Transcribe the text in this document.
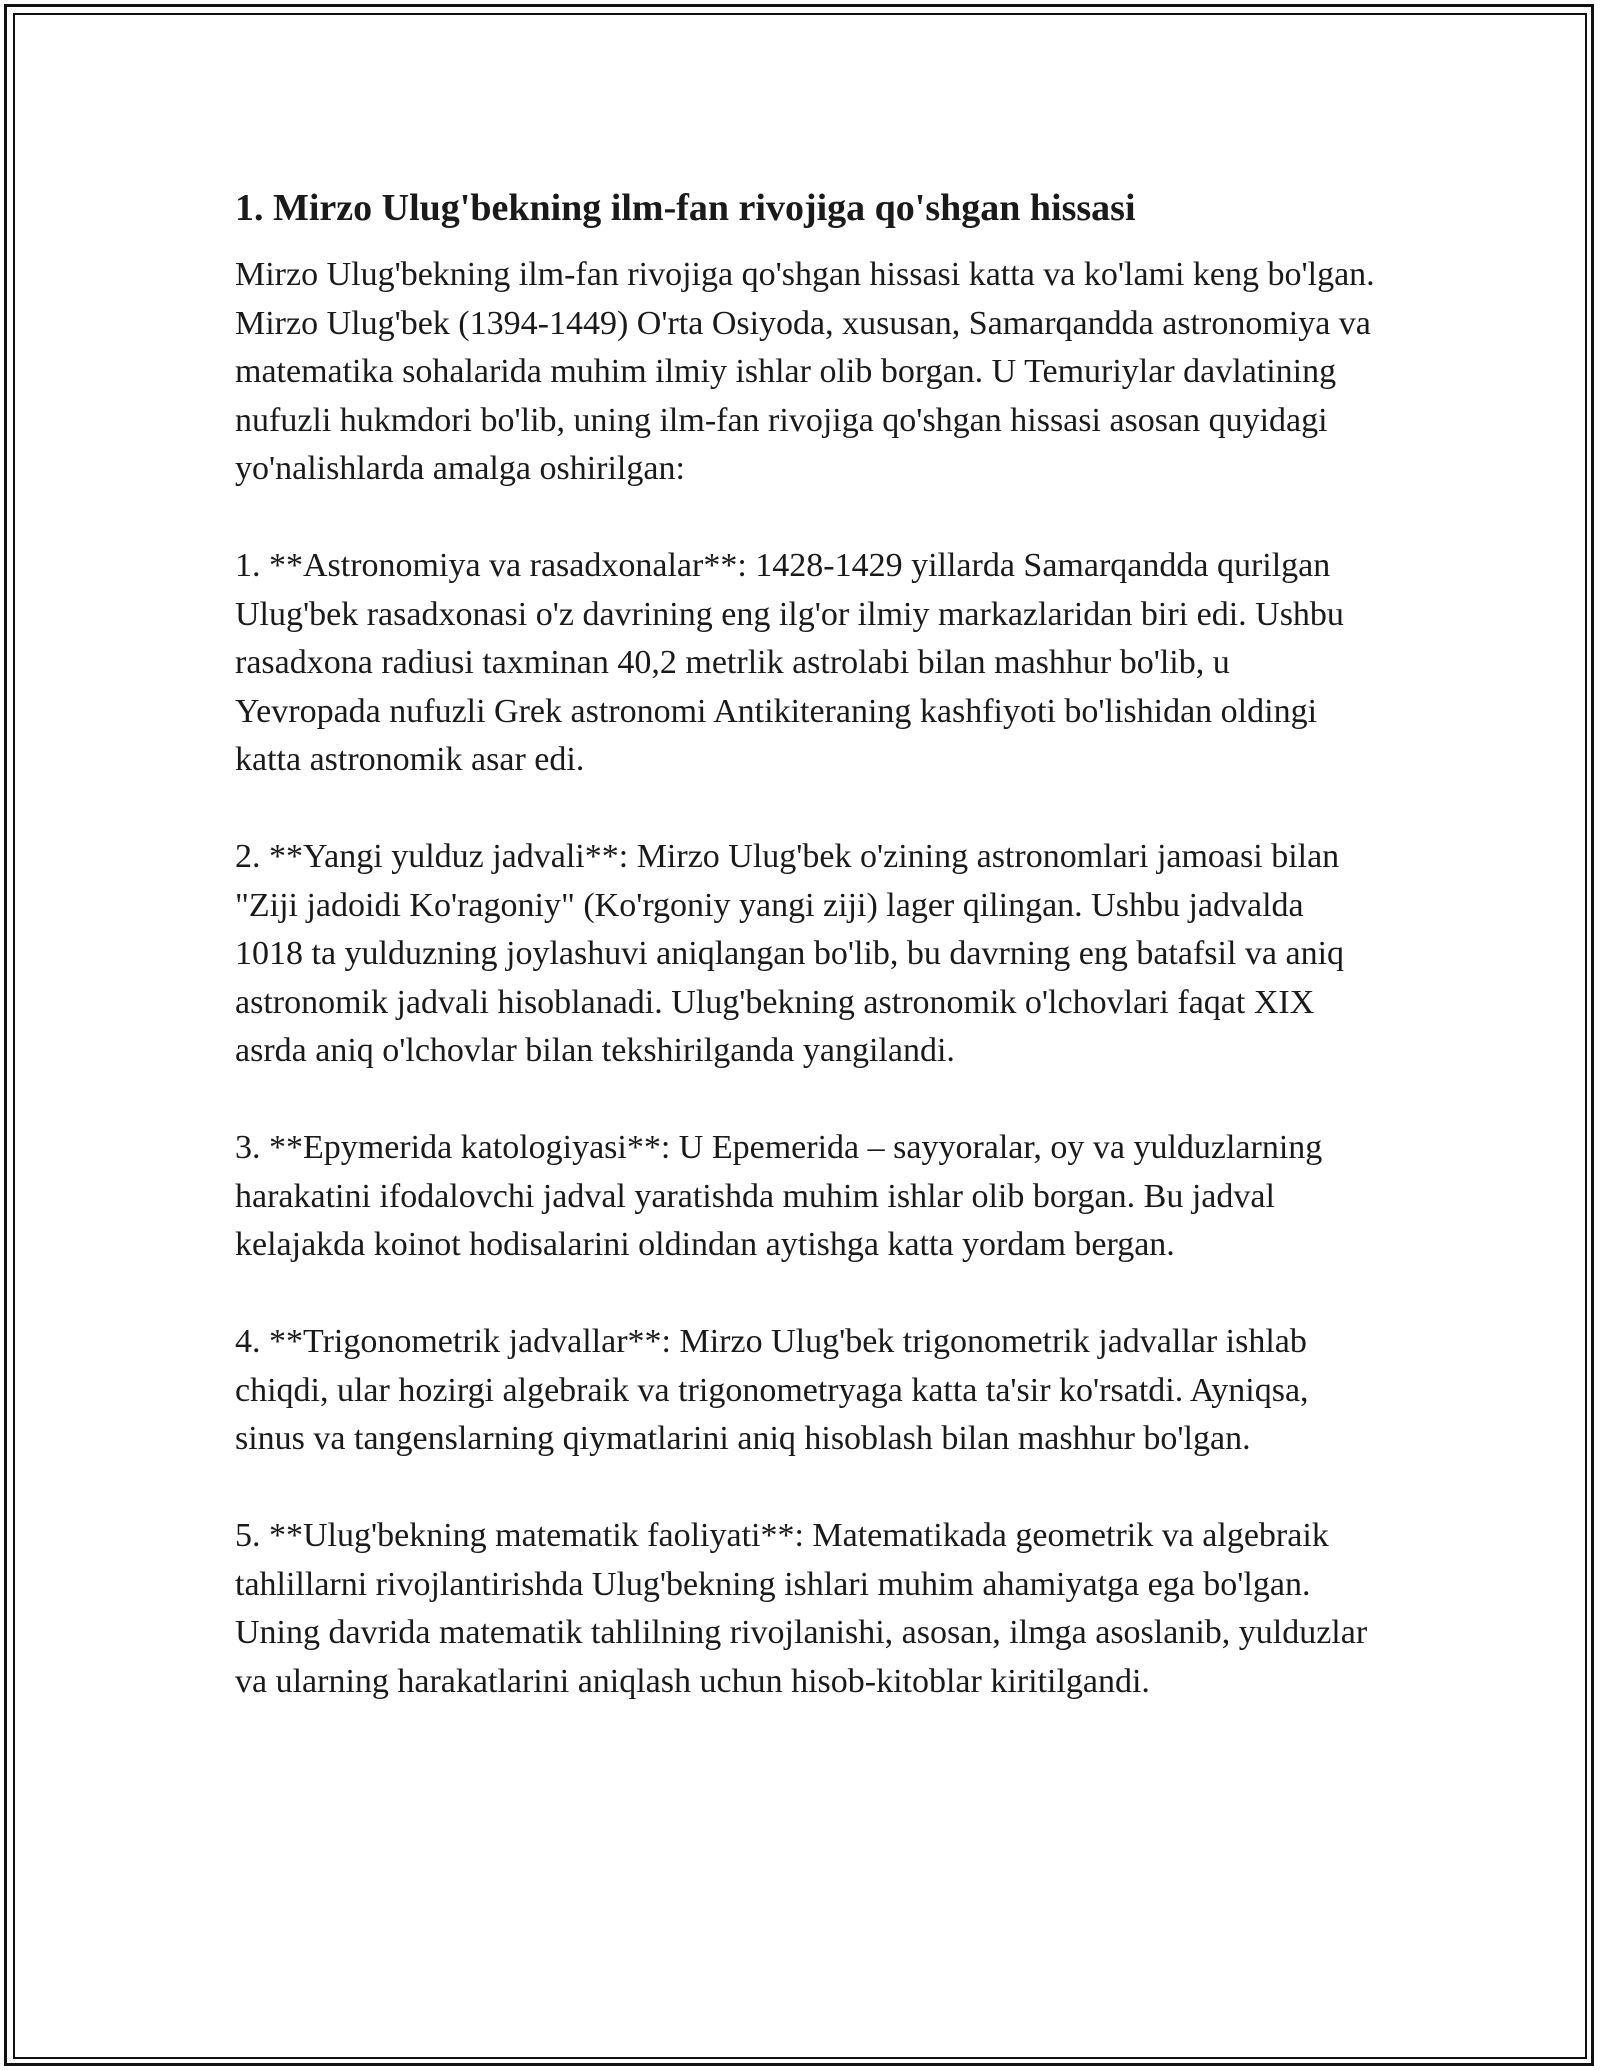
1. Mirzo Ulug'bekning ilm-fan rivojiga qo'shgan hissasi

Mirzo Ulug'bekning ilm-fan rivojiga qo'shgan hissasi katta va ko'lami keng bo'lgan. Mirzo Ulug'bek (1394-1449) O'rta Osiyoda, xususan, Samarqandda astronomiya va matematika sohalarida muhim ilmiy ishlar olib borgan. U Temuriylar davlatining nufuzli hukmdori bo'lib, uning ilm-fan rivojiga qo'shgan hissasi asosan quyidagi yo'nalishlarda amalga oshirilgan:

1. **Astronomiya va rasadxonalar**: 1428-1429 yillarda Samarqandda qurilgan Ulug'bek rasadxonasi o'z davrining eng ilg'or ilmiy markazlaridan biri edi. Ushbu rasadxona radiusi taxminan 40,2 metrlik astrolabi bilan mashhur bo'lib, u Yevropada nufuzli Grek astronomi Antikiteraning kashfiyoti bo'lishidan oldingi katta astronomik asar edi.

2. **Yangi yulduz jadvali**: Mirzo Ulug'bek o'zining astronomlari jamoasi bilan "Ziji jadoidi Ko'ragoniy" (Ko'rgoniy yangi ziji) lager qilingan. Ushbu jadvalda 1018 ta yulduzning joylashuvi aniqlangan bo'lib, bu davrning eng batafsil va aniq astronomik jadvali hisoblanadi. Ulug'bekning astronomik o'lchovlari faqat XIX asrda aniq o'lchovlar bilan tekshirilganda yangilandi.

3. **Epymerida katologiyasi**: U Epemerida – sayyoralar, oy va yulduzlarning harakatini ifodalovchi jadval yaratishda muhim ishlar olib borgan. Bu jadval kelajakda koinot hodisalarini oldindan aytishga katta yordam bergan.

4. **Trigonometrik jadvallar**: Mirzo Ulug'bek trigonometrik jadvallar ishlab chiqdi, ular hozirgi algebraik va trigonometryaga katta ta'sir ko'rsatdi. Ayniqsa, sinus va tangenslarning qiymatlarini aniq hisoblash bilan mashhur bo'lgan.

5. **Ulug'bekning matematik faoliyati**: Matematikada geometrik va algebraik tahlillarni rivojlantirishda Ulug'bekning ishlari muhim ahamiyatga ega bo'lgan. Uning davrida matematik tahlilning rivojlanishi, asosan, ilmga asoslanib, yulduzlar va ularning harakatlarini aniqlash uchun hisob-kitoblar kiritilgandi.
